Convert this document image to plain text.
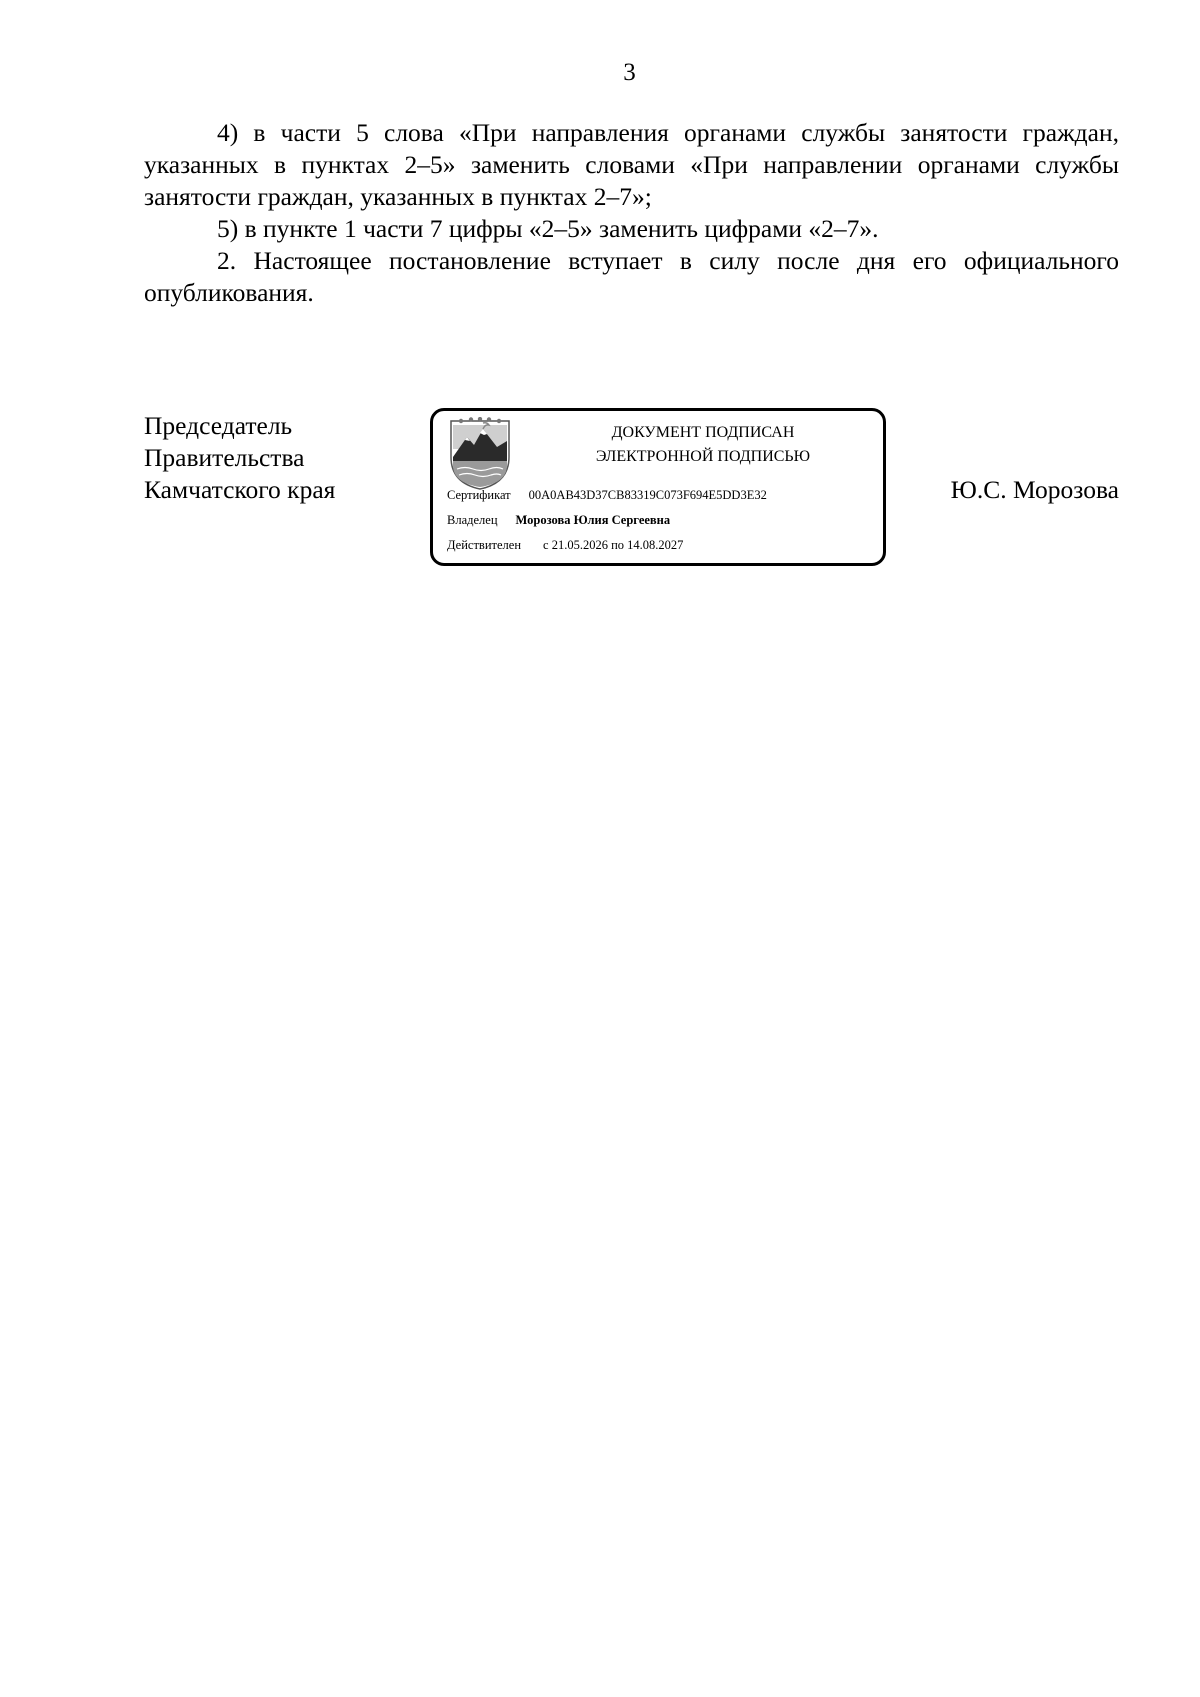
3

4) в части 5 слова «При направления органами службы занятости граждан, указанных в пунктах 2–5» заменить словами «При направлении органами службы занятости граждан, указанных в пунктах 2–7»;

5) в пункте 1 части 7 цифры «2–5» заменить цифрами «2–7».

2. Настоящее постановление вступает в силу после дня его официального опубликования.

Председатель
Правительства
Камчатского края
ДОКУМЕНТ ПОДПИСАН
ЭЛЕКТРОННОЙ ПОДПИСЬЮ
Сертификат 00A0AB43D37CB83319C073F694E5DD3E32
Владелец Морозова Юлия Сергеевна
Действителен с 21.05.2026 по 14.08.2027
Ю.С. Морозова
